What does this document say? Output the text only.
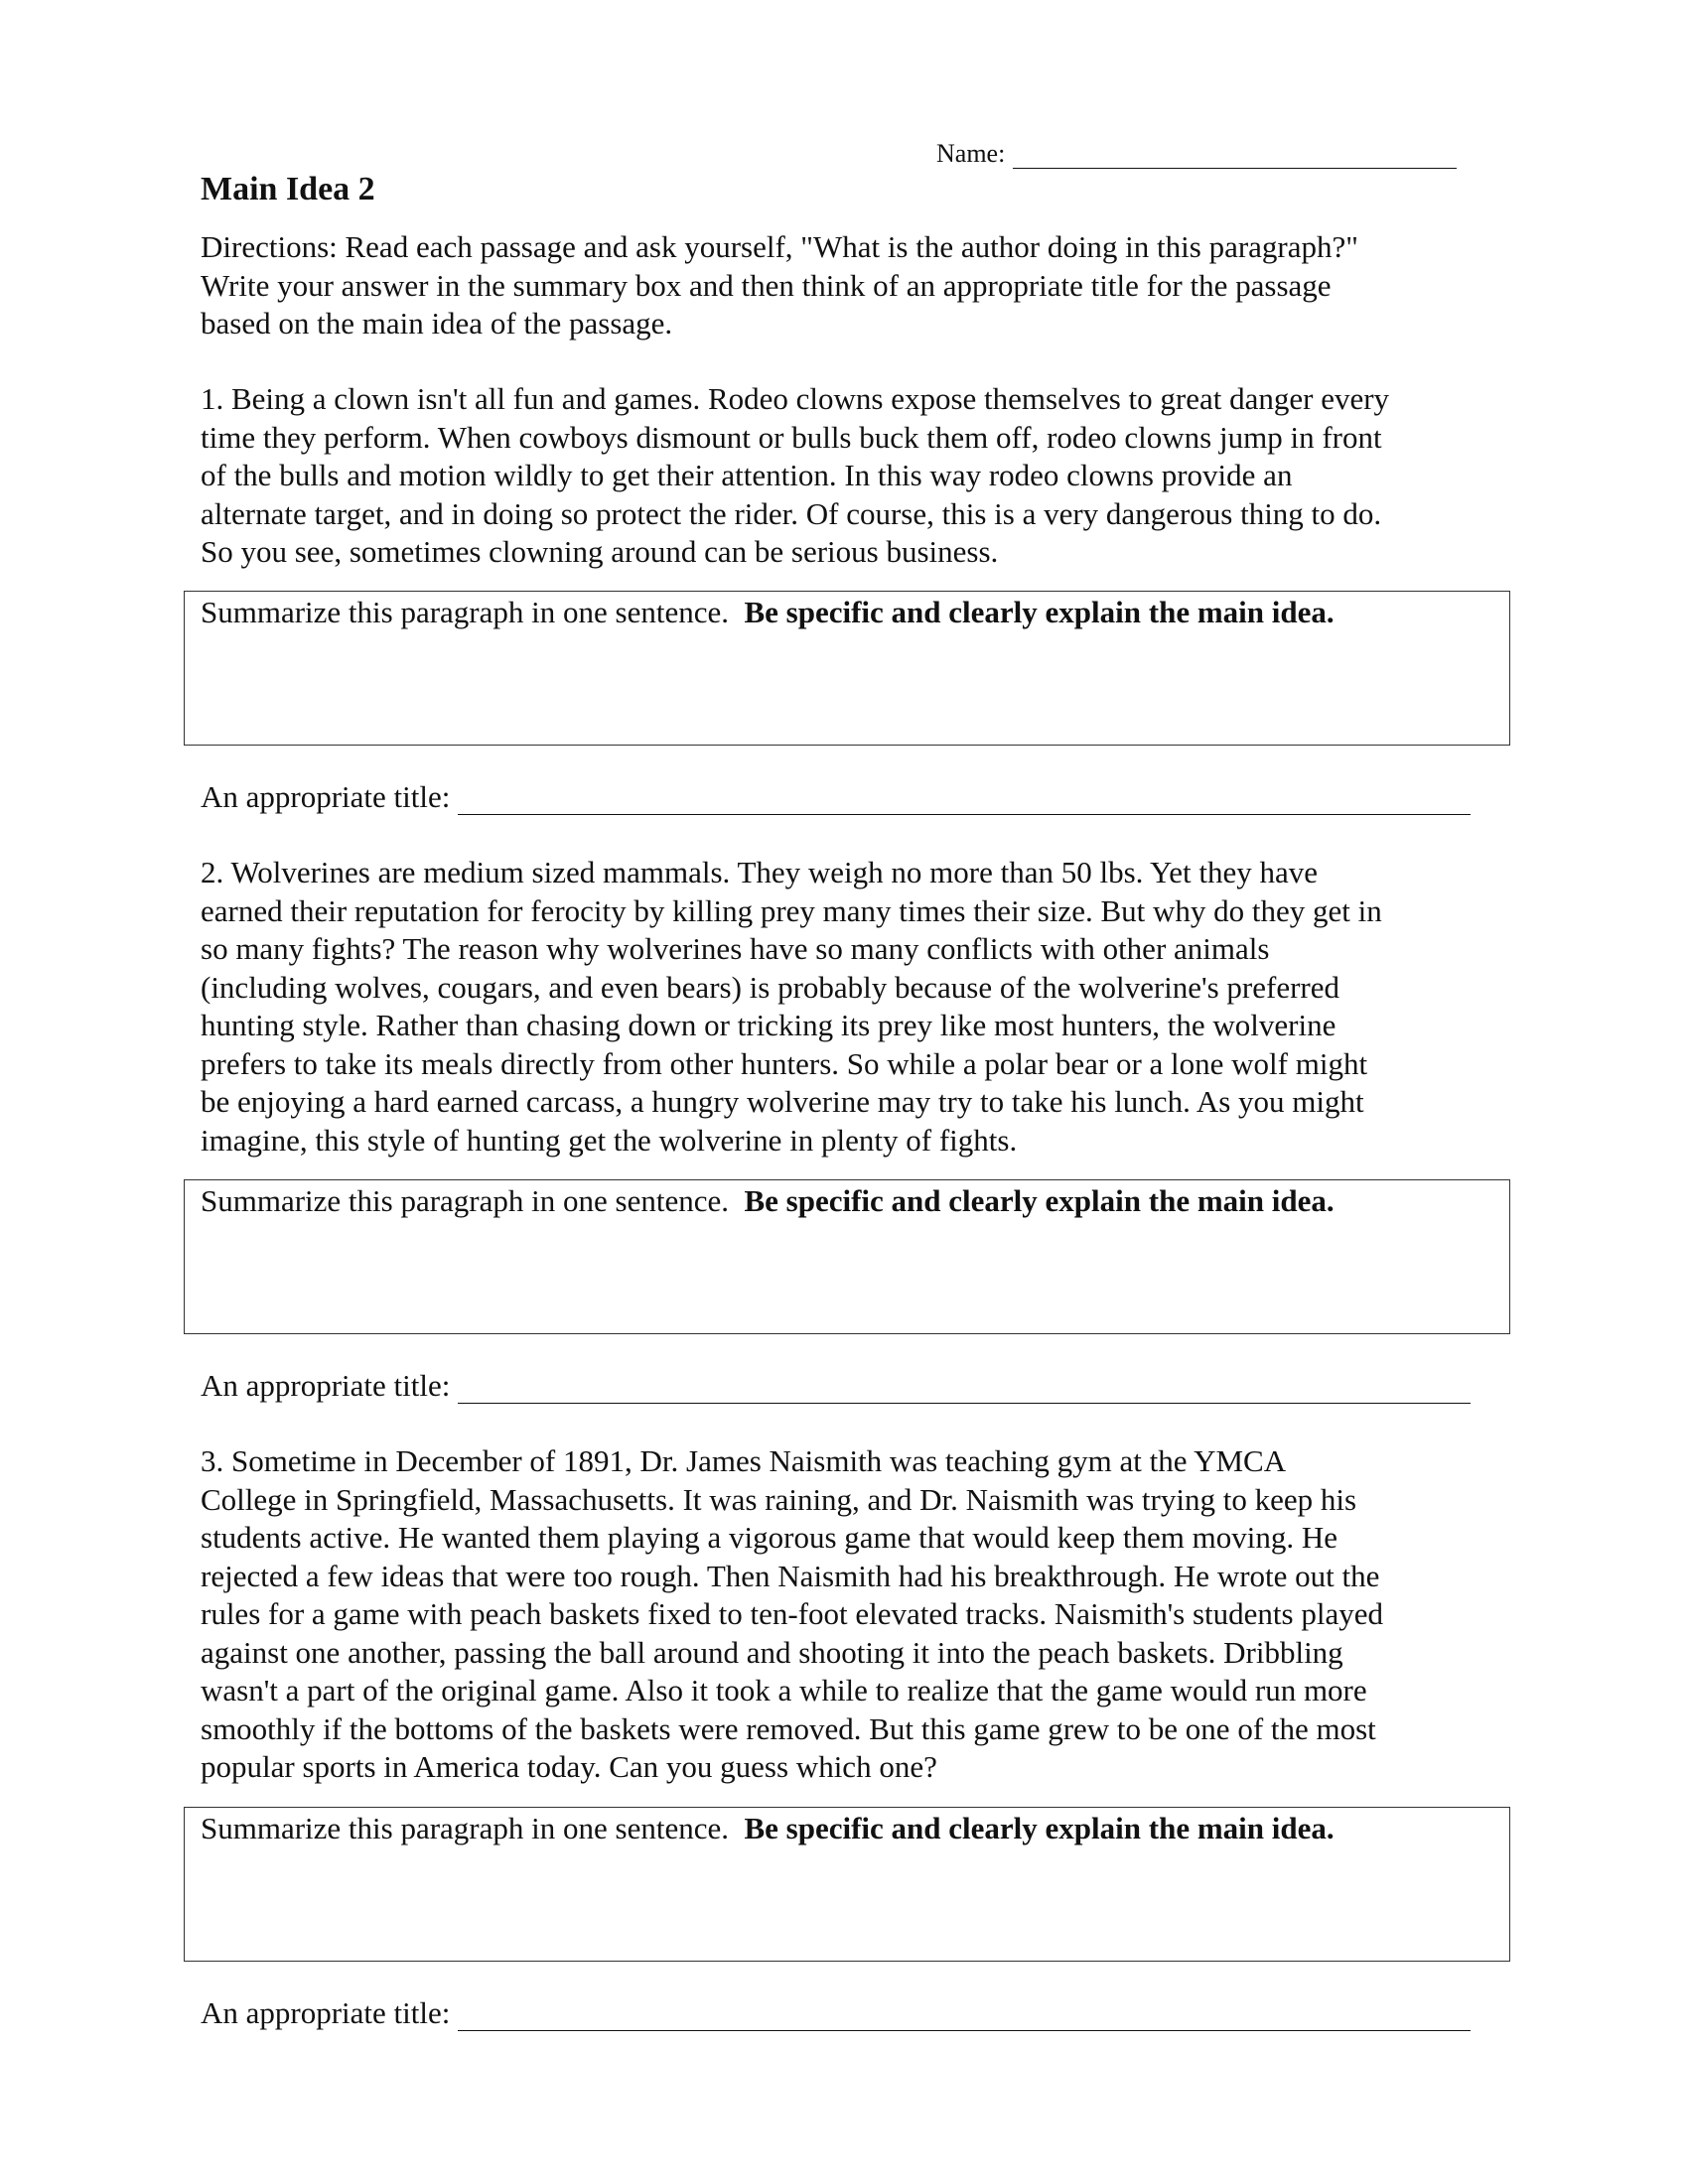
Name:
Main Idea 2
Directions: Read each passage and ask yourself, "What is the author doing in this paragraph?"
Write your answer in the summary box and then think of an appropriate title for the passage
based on the main idea of the passage.
1. Being a clown isn't all fun and games. Rodeo clowns expose themselves to great danger every
time they perform. When cowboys dismount or bulls buck them off, rodeo clowns jump in front
of the bulls and motion wildly to get their attention. In this way rodeo clowns provide an
alternate target, and in doing so protect the rider. Of course, this is a very dangerous thing to do.
So you see, sometimes clowning around can be serious business.
Summarize this paragraph in one sentence. Be specific and clearly explain the main idea.
An appropriate title:
2. Wolverines are medium sized mammals. They weigh no more than 50 lbs. Yet they have
earned their reputation for ferocity by killing prey many times their size. But why do they get in
so many fights? The reason why wolverines have so many conflicts with other animals
(including wolves, cougars, and even bears) is probably because of the wolverine's preferred
hunting style. Rather than chasing down or tricking its prey like most hunters, the wolverine
prefers to take its meals directly from other hunters. So while a polar bear or a lone wolf might
be enjoying a hard earned carcass, a hungry wolverine may try to take his lunch. As you might
imagine, this style of hunting get the wolverine in plenty of fights.
Summarize this paragraph in one sentence. Be specific and clearly explain the main idea.
An appropriate title:
3. Sometime in December of 1891, Dr. James Naismith was teaching gym at the YMCA
College in Springfield, Massachusetts. It was raining, and Dr. Naismith was trying to keep his
students active. He wanted them playing a vigorous game that would keep them moving. He
rejected a few ideas that were too rough. Then Naismith had his breakthrough. He wrote out the
rules for a game with peach baskets fixed to ten-foot elevated tracks. Naismith's students played
against one another, passing the ball around and shooting it into the peach baskets. Dribbling
wasn't a part of the original game. Also it took a while to realize that the game would run more
smoothly if the bottoms of the baskets were removed. But this game grew to be one of the most
popular sports in America today. Can you guess which one?
Summarize this paragraph in one sentence. Be specific and clearly explain the main idea.
An appropriate title:
